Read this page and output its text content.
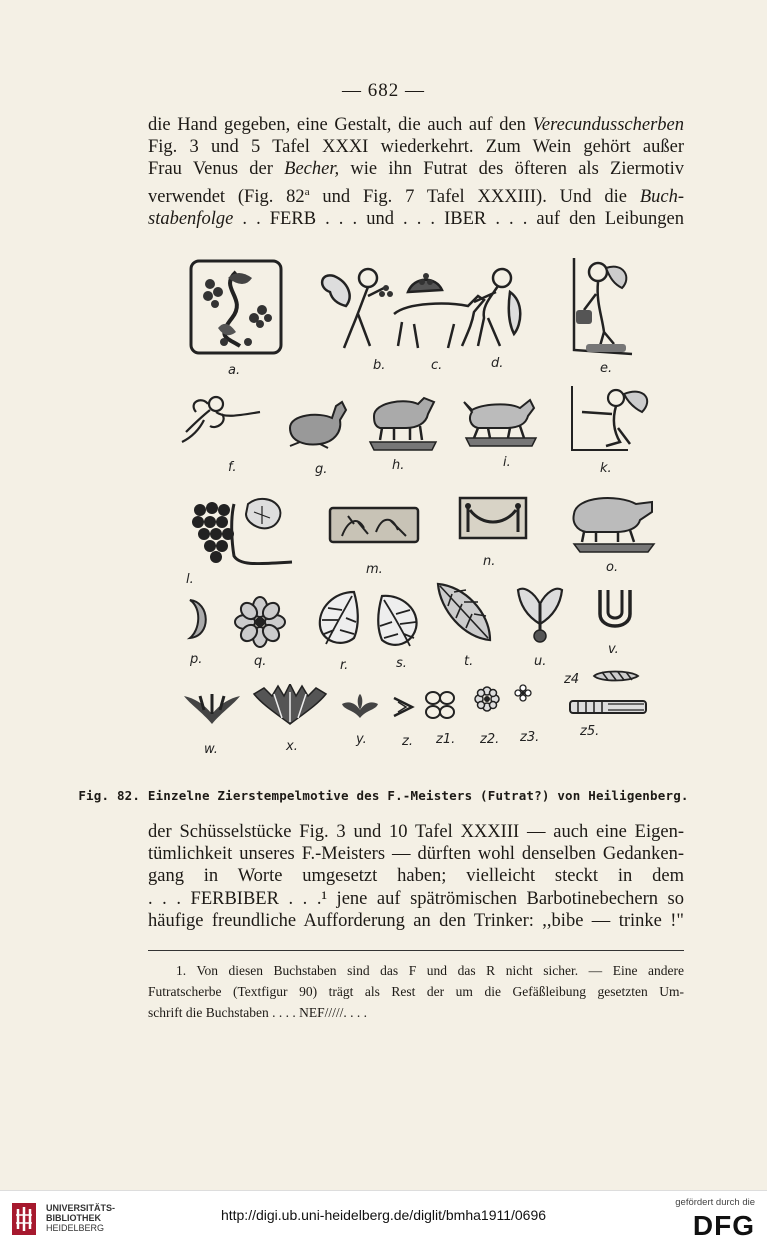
— 682 —
die Hand gegeben, eine Gestalt, die auch auf den Verecundusscherben
Fig. 3 und 5 Tafel XXXI wiederkehrt. Zum Wein gehört außer
Frau Venus der Becher, wie ihn Futrat des öfteren als Ziermotiv
verwendet (Fig. 82$^a$ und Fig. 7 Tafel XXXIII). Und die Buch-
stabenfolge . . FERB . . . und . . . IBER . . . auf den Leibungen
a.	b.	c.	d.	e.
f.	g.	h.	i.	k.
l.
m.
n.	o.
p.	q.	r.	s.	t.	u.
v.
w.	x.	y.	z. z1. z2. z3.
z4
z5.
Fig. 82. Einzelne Zierstempelmotive des F.-Meisters (Futrat?) von Heiligenberg.
der Schüsselstücke Fig. 3 und 10 Tafel XXXIII — auch eine Eigen-
tümlichkeit unseres F.-Meisters — dürften wohl denselben Gedanken-
gang in Worte umgesetzt haben; vielleicht steckt in dem
. . . FERBIBER . . .¹ jene auf spätrömischen Barbotinebechern so
häufige freundliche Aufforderung an den Trinker: ,,bibe — trinke !"
1. Von diesen Buchstaben sind das F und das R nicht sicher. — Eine andere
Futratscherbe (Textfigur 90) trägt als Rest der um die Gefäßleibung gesetzten Um-
schrift die Buchstaben . . . . NEF/////. . . .
UNIVERSITÄTS-
BIBLIOTHEK
HEIDELBERG
http://digi.ub.uni-heidelberg.de/diglit/bmha1911/0696
gefördert durch die
DFG
